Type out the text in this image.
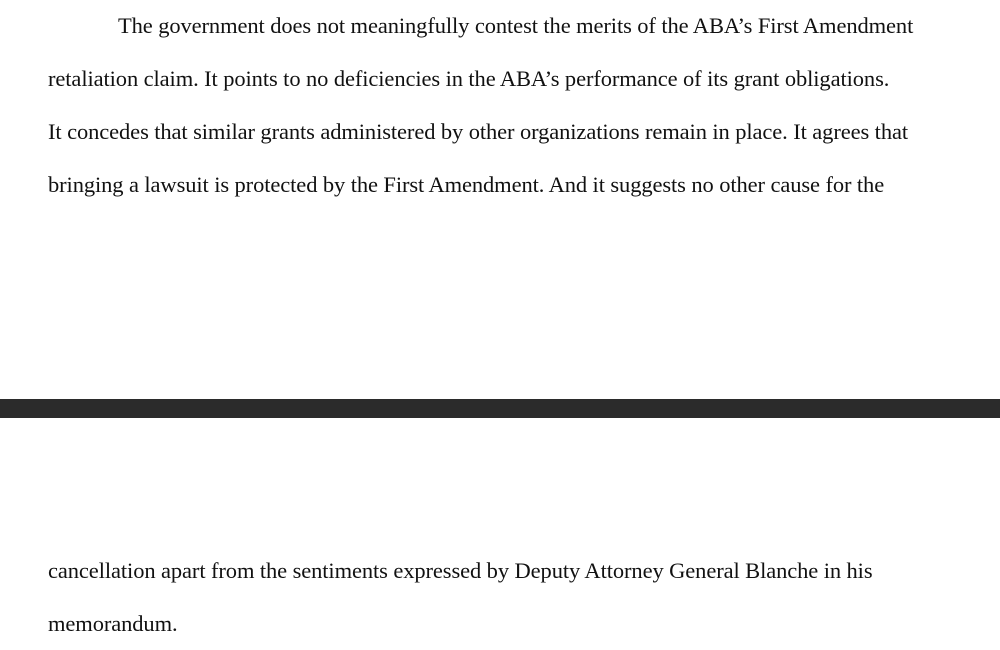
The government does not meaningfully contest the merits of the ABA’s First Amendment
retaliation claim. It points to no deficiencies in the ABA’s performance of its grant obligations.
It concedes that similar grants administered by other organizations remain in place. It agrees that
bringing a lawsuit is protected by the First Amendment. And it suggests no other cause for the
cancellation apart from the sentiments expressed by Deputy Attorney General Blanche in his
memorandum.
